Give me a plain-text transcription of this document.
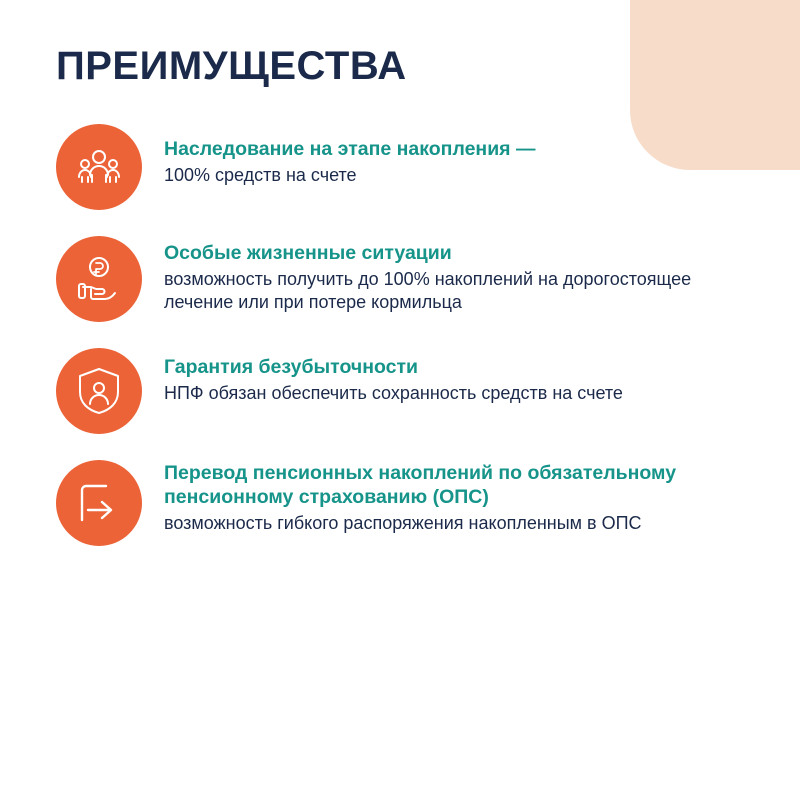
ПРЕИМУЩЕСТВА

Наследование на этапе накопления —

100% средств на счете

Особые жизненные ситуации

возможность получить до 100% накоплений на дорогостоящее лечение или при потере кормильца

Гарантия безубыточности

НПФ обязан обеспечить сохранность средств на счете

Перевод пенсионных накоплений по обязательному пенсионному страхованию (ОПС)

возможность гибкого распоряжения накопленным в ОПС
